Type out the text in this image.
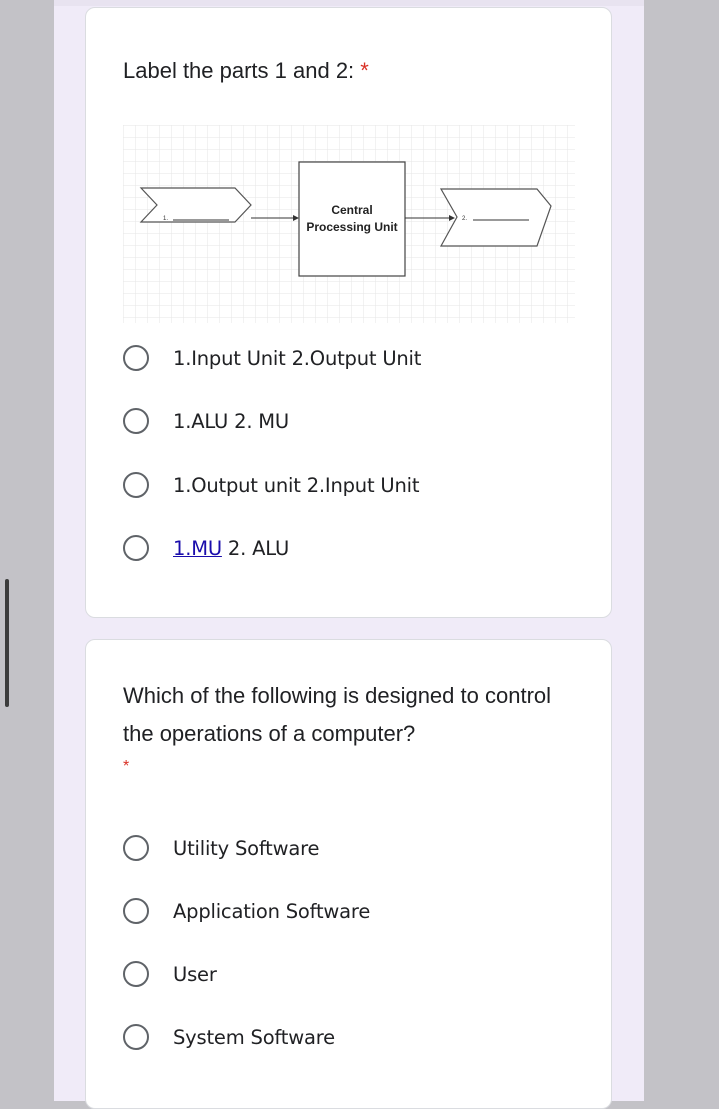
Label the parts 1 and 2: *
1.
Central
Processing Unit
2.
1.Input Unit 2.Output Unit
1.ALU 2. MU
1.Output unit 2.Input Unit
1.MU 2. ALU
Which of the following is designed to control the operations of a computer?
*
Utility Software
Application Software
User
System Software
